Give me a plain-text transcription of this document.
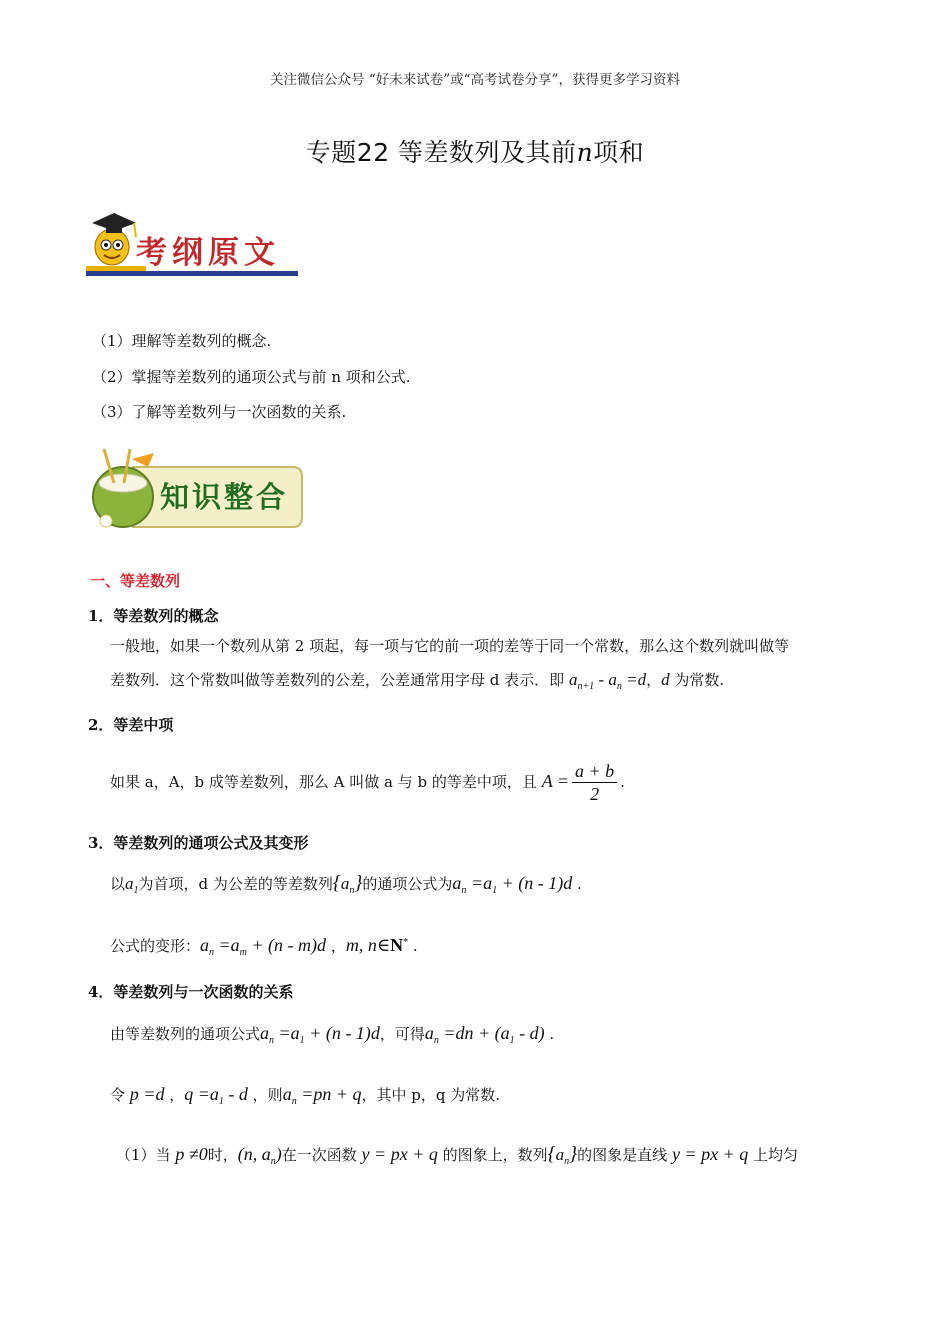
关注微信公众号 “好未来试卷”或“高考试卷分享”，获得更多学习资料
专题22 等差数列及其前n项和
考纲原文
（1）理解等差数列的概念.
（2）掌握等差数列的通项公式与前 n 项和公式.
（3）了解等差数列与一次函数的关系.
知识整合
一、等差数列
1．等差数列的概念
一般地，如果一个数列从第 2 项起，每一项与它的前一项的差等于同一个常数，那么这个数列就叫做等
差数列．这个常数叫做等差数列的公差，公差通常用字母 d 表示．即 $a_{n+1} - a_n =d$，d 为常数.
2．等差中项
如果 a，A，b 成等差数列，那么 A 叫做 a 与 b 的等差中项，且 $A = \frac{a + b}{2}$ .
3．等差数列的通项公式及其变形
以$a_1$为首项，d 为公差的等差数列$\{a_n\}$的通项公式为$a_n =a_1 + (n - 1)d$ .
公式的变形：$a_n =a_m + (n - m)d$ ，m, n∈N* .
4．等差数列与一次函数的关系
由等差数列的通项公式$a_n =a_1 + (n - 1)d$，可得$a_n =dn + (a_1 - d)$ .
令 p =d ，$q =a_1 - d$ ，则$a_n =pn + q$，其中 p，q 为常数.
（1）当 p ≠0时，(n, $a_n$)在一次函数 y = px + q 的图象上，数列$\{a_n\}$的图象是直线 y = px + q 上均匀
